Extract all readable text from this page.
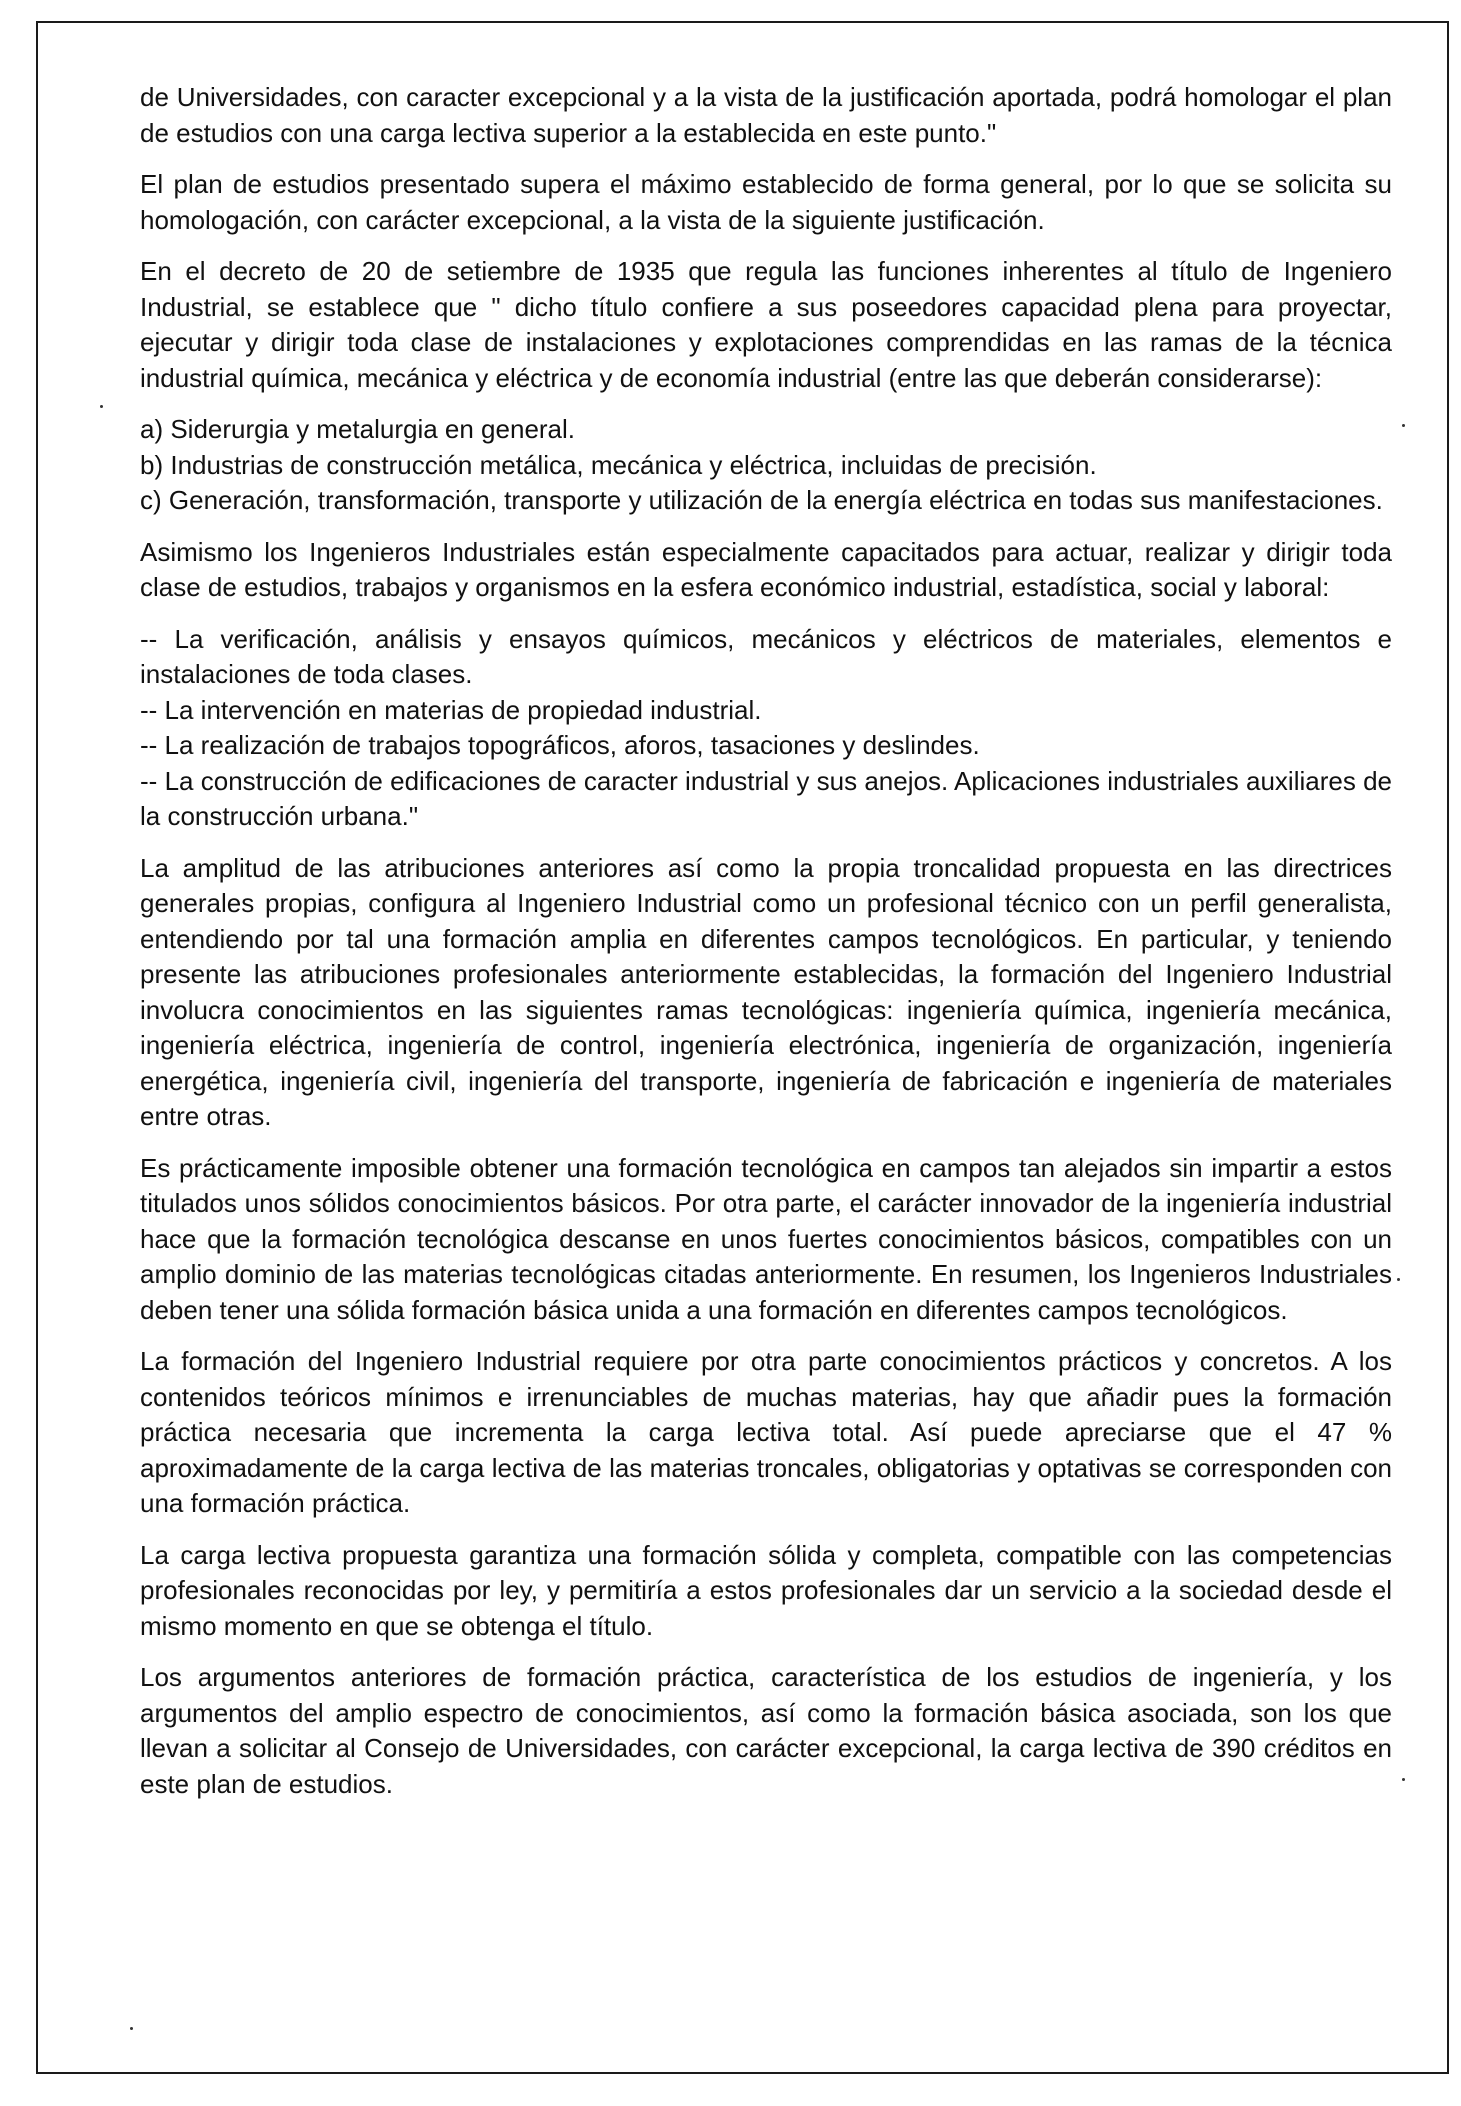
de Universidades, con caracter excepcional y a la vista de la justificación aportada, podrá homologar el plan de estudios con una carga lectiva superior a la establecida en este punto."

El plan de estudios presentado supera el máximo establecido de forma general, por lo que se solicita su homologación, con carácter excepcional, a la vista de la siguiente justificación.

En el decreto de 20 de setiembre de 1935 que regula las funciones inherentes al título de Ingeniero Industrial, se establece que " dicho título confiere a sus poseedores capacidad plena para proyectar, ejecutar y dirigir toda clase de instalaciones y explotaciones comprendidas en las ramas de la técnica industrial química, mecánica y eléctrica y de economía industrial (entre las que deberán considerarse):

a) Siderurgia y metalurgia en general.

b) Industrias de construcción metálica, mecánica y eléctrica, incluidas de precisión.

c) Generación, transformación, transporte y utilización de la energía eléctrica en todas sus manifestaciones.

Asimismo los Ingenieros Industriales están especialmente capacitados para actuar, realizar y dirigir toda clase de estudios, trabajos y organismos en la esfera económico industrial, estadística, social y laboral:

-- La verificación, análisis y ensayos químicos, mecánicos y eléctricos de materiales, elementos e instalaciones de toda clases.

-- La intervención en materias de propiedad industrial.

-- La realización de trabajos topográficos, aforos, tasaciones y deslindes.

-- La construcción de edificaciones de caracter industrial y sus anejos. Aplicaciones industriales auxiliares de la construcción urbana."

La amplitud de las atribuciones anteriores así como la propia troncalidad propuesta en las directrices generales propias, configura al Ingeniero Industrial como un profesional técnico con un perfil generalista, entendiendo por tal una formación amplia en diferentes campos tecnológicos. En particular, y teniendo presente las atribuciones profesionales anteriormente establecidas, la formación del Ingeniero Industrial involucra conocimientos en las siguientes ramas tecnológicas: ingeniería química, ingeniería mecánica, ingeniería eléctrica, ingeniería de control, ingeniería electrónica, ingeniería de organización, ingeniería energética, ingeniería civil, ingeniería del transporte, ingeniería de fabricación e ingeniería de materiales entre otras.

Es prácticamente imposible obtener una formación tecnológica en campos tan alejados sin impartir a estos titulados unos sólidos conocimientos básicos. Por otra parte, el carácter innovador de la ingeniería industrial hace que la formación tecnológica descanse en unos fuertes conocimientos básicos, compatibles con un amplio dominio de las materias tecnológicas citadas anteriormente. En resumen, los Ingenieros Industriales deben tener una sólida formación básica unida a una formación en diferentes campos tecnológicos.

La formación del Ingeniero Industrial requiere por otra parte conocimientos prácticos y concretos. A los contenidos teóricos mínimos e irrenunciables de muchas materias, hay que añadir pues la formación práctica necesaria que incrementa la carga lectiva total. Así puede apreciarse que el 47 % aproximadamente de la carga lectiva de las materias troncales, obligatorias y optativas se corresponden con una formación práctica.

La carga lectiva propuesta garantiza una formación sólida y completa, compatible con las competencias profesionales reconocidas por ley, y permitiría a estos profesionales dar un servicio a la sociedad desde el mismo momento en que se obtenga el título.

Los argumentos anteriores de formación práctica, característica de los estudios de ingeniería, y los argumentos del amplio espectro de conocimientos, así como la formación básica asociada, son los que llevan a solicitar al Consejo de Universidades, con carácter excepcional, la carga lectiva de 390 créditos en este plan de estudios.
